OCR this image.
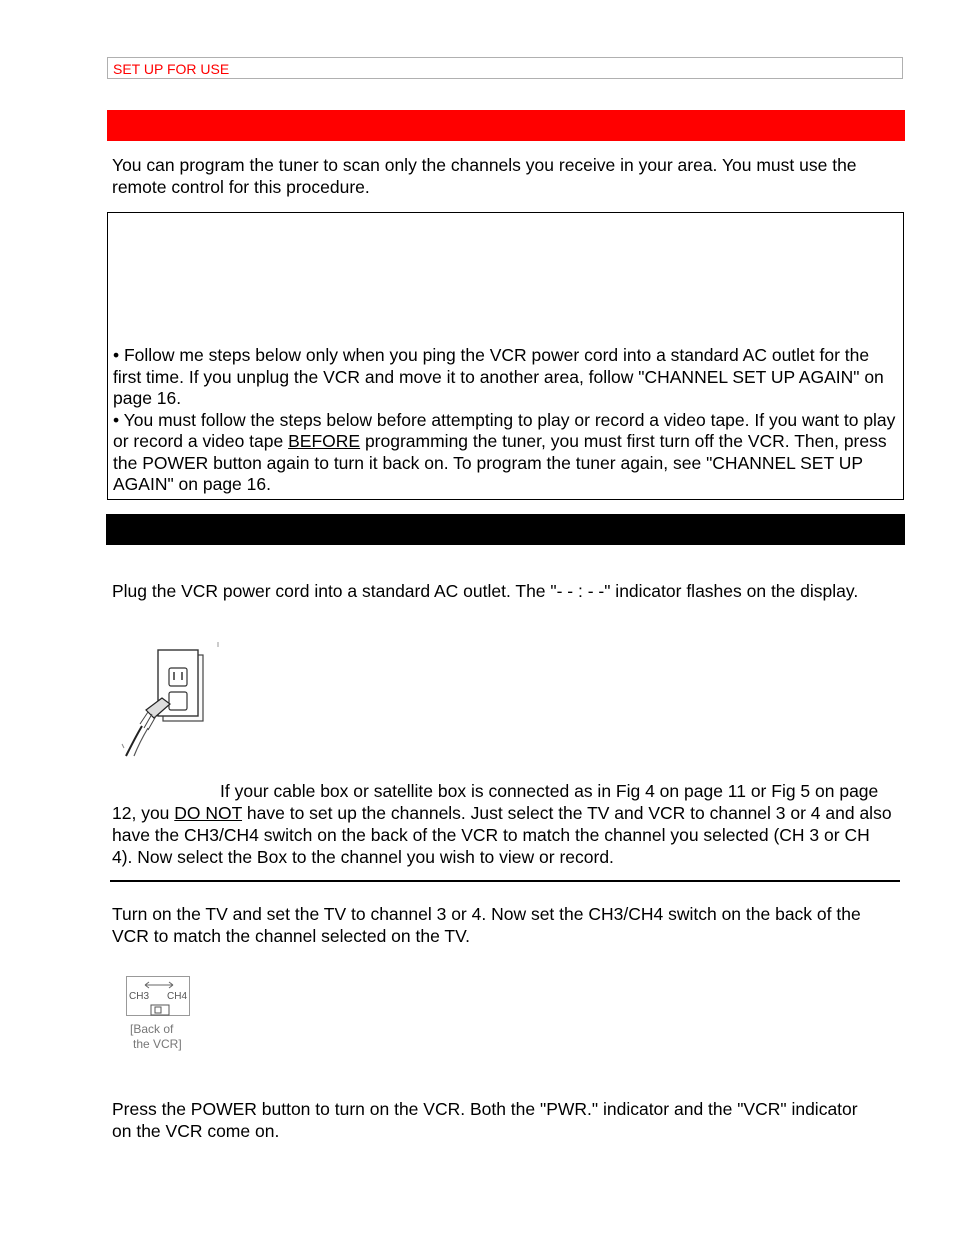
SET UP FOR USE
You can program the tuner to scan only the channels you receive in your area. You must use the remote control for this procedure.
• Follow me steps below only when you ping the VCR power cord into a standard AC outlet for the first time. If you unplug the VCR and move it to another area, follow "CHANNEL SET UP AGAIN" on page 16.
• You must follow the steps below before attempting to play or record a video tape. If you want to play or record a video tape BEFORE programming the tuner, you must first turn off the VCR. Then, press the POWER button again to turn it back on. To program the tuner again, see "CHANNEL SET UP AGAIN" on page 16.
Plug the VCR power cord into a standard AC outlet. The "- - : - -" indicator flashes on the display.
If your cable box or satellite box is connected as in Fig 4 on page 11 or Fig 5 on page 12, you DO NOT have to set up the channels. Just select the TV and VCR to channel 3 or 4 and also have the CH3/CH4 switch on the back of the VCR to match the channel you selected (CH 3 or CH 4). Now select the Box to the channel you wish to view or record.
Turn on the TV and set the TV to channel 3 or 4. Now set the CH3/CH4 switch on the back of the VCR to match the channel selected on the TV.
CH3 CH4
[Back of
the VCR]
Press the POWER button to turn on the VCR. Both the "PWR." indicator and the "VCR" indicator on the VCR come on.
